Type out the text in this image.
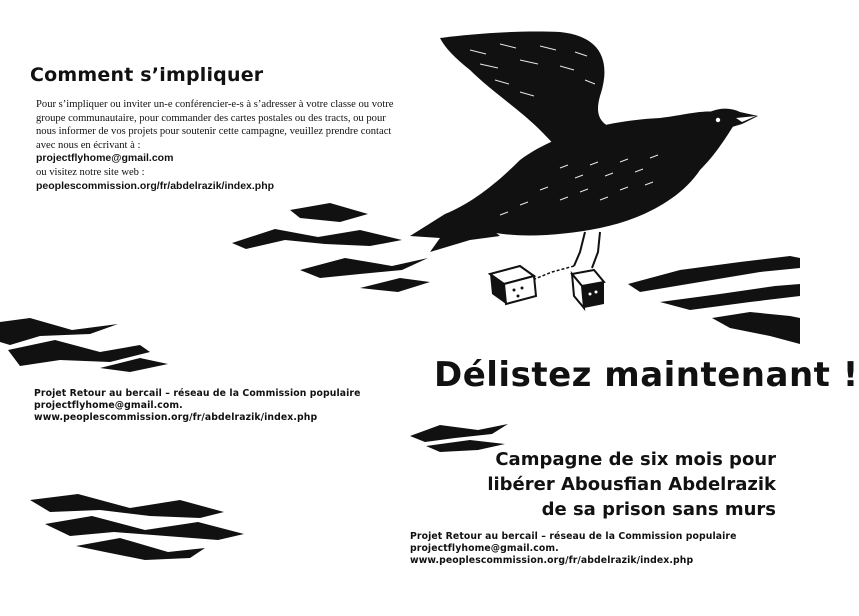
Comment s’impliquer
Pour s’impliquer ou inviter un-e conférencier-e-s à s’adresser à votre classe ou votre groupe communautaire, pour commander des cartes postales ou des tracts, ou pour nous informer de vos projets pour soutenir cette campagne, veuillez prendre contact avec nous en écrivant à :
projectflyhome@gmail.com
ou visitez notre site web :
peoplescommission.org/fr/abdelrazik/index.php
Projet Retour au bercail – réseau de la Commission populaire
projectflyhome@gmail.com.
www.peoplescommission.org/fr/abdelrazik/index.php
Délistez maintenant !
Campagne de six mois pour
libérer Abousfian Abdelrazik
de sa prison sans murs
Projet Retour au bercail – réseau de la Commission populaire
projectflyhome@gmail.com.
www.peoplescommission.org/fr/abdelrazik/index.php
